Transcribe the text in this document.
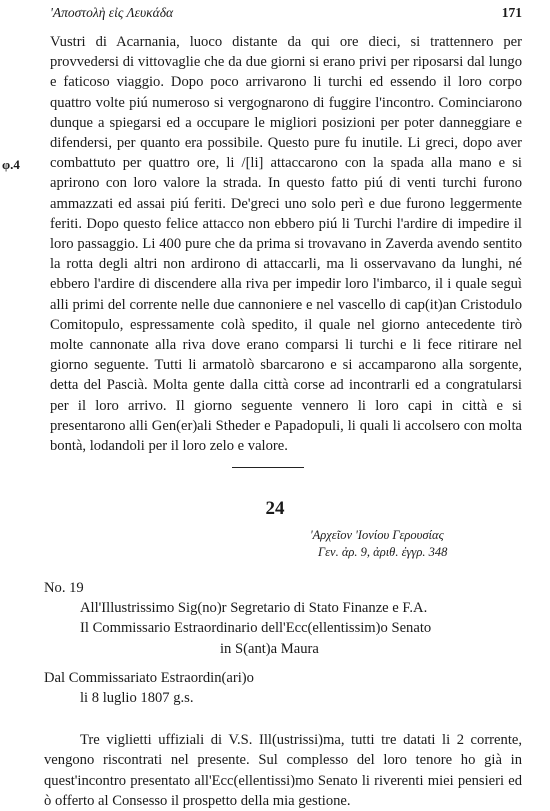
'Αποστολὴ εἰς Λευκάδα	171
φ.4

Vustri di Acarnania, luoco distante da qui ore dieci, si trattennero per provvedersi di vittovaglie che da due giorni si erano privi per riposarsi dal lungo e faticoso viaggio. Dopo poco arrivarono li turchi ed essendo il loro corpo quattro volte piú numeroso si vergognarono di fuggire l'incontro. Cominciarono dunque a spiegarsi ed a occupare le migliori posizioni per poter danneggiare e difendersi, per quanto era possibile. Questo pure fu inutile. Li greci, dopo aver combattuto per quattro ore, li /[li] attaccarono con la spada alla mano e si aprirono con loro valore la strada. In questo fatto piú di venti turchi furono ammazzati ed assai piú feriti. De'greci uno solo perì e due furono leggermente feriti. Dopo questo felice attacco non ebbero piú li Turchi l'ardire di impedire il loro passaggio. Li 400 pure che da prima si trovavano in Zaverda avendo sentito la rotta degli altri non ardirono di attaccarli, ma li osservavano da lunghi, né ebbero l'ardire di discendere alla riva per impedir loro l'imbarco, il i quale seguì alli primi del corrente nelle due cannoniere e nel vascello di cap(it)an Cristodulo Comitopulo, espressamente colà spedito, il quale nel giorno antecedente tirò molte cannonate alla riva dove erano comparsi li turchi e li fece ritirare nel giorno seguente. Tutti li armatolò sbarcarono e si accamparono alla sorgente, detta del Pascià. Molta gente dalla città corse ad incontrarli ed a congratularsi per il loro arrivo. Il giorno seguente vennero li loro capi in città e si presentarono alli Gen(er)ali Stheder e Papadopuli, li quali li accolsero con molta bontà, lodandoli per il loro zelo e valore.

24
'Αρχεῖον 'Ιονίου Γερουσίας
Γεν. ἀρ. 9, ἀριθ. ἐγγρ. 348
No. 19
All'Illustrissimo Sig(no)r Segretario di Stato Finanze e F.A.
Il Commissario Estraordinario dell'Ecc(ellentissim)o Senato
in S(ant)a Maura
Dal Commissariato Estraordin(ari)o
li 8 luglio 1807 g.s.
Tre viglietti uffiziali di V.S. Ill(ustrissi)ma, tutti tre datati li 2 corrente, vengono riscontrati nel presente. Sul complesso del loro tenore ho già in quest'incontro presentato all'Ecc(ellentissi)mo Senato li riverenti miei pensieri ed ò offerto al Consesso il prospetto della mia gestione.
